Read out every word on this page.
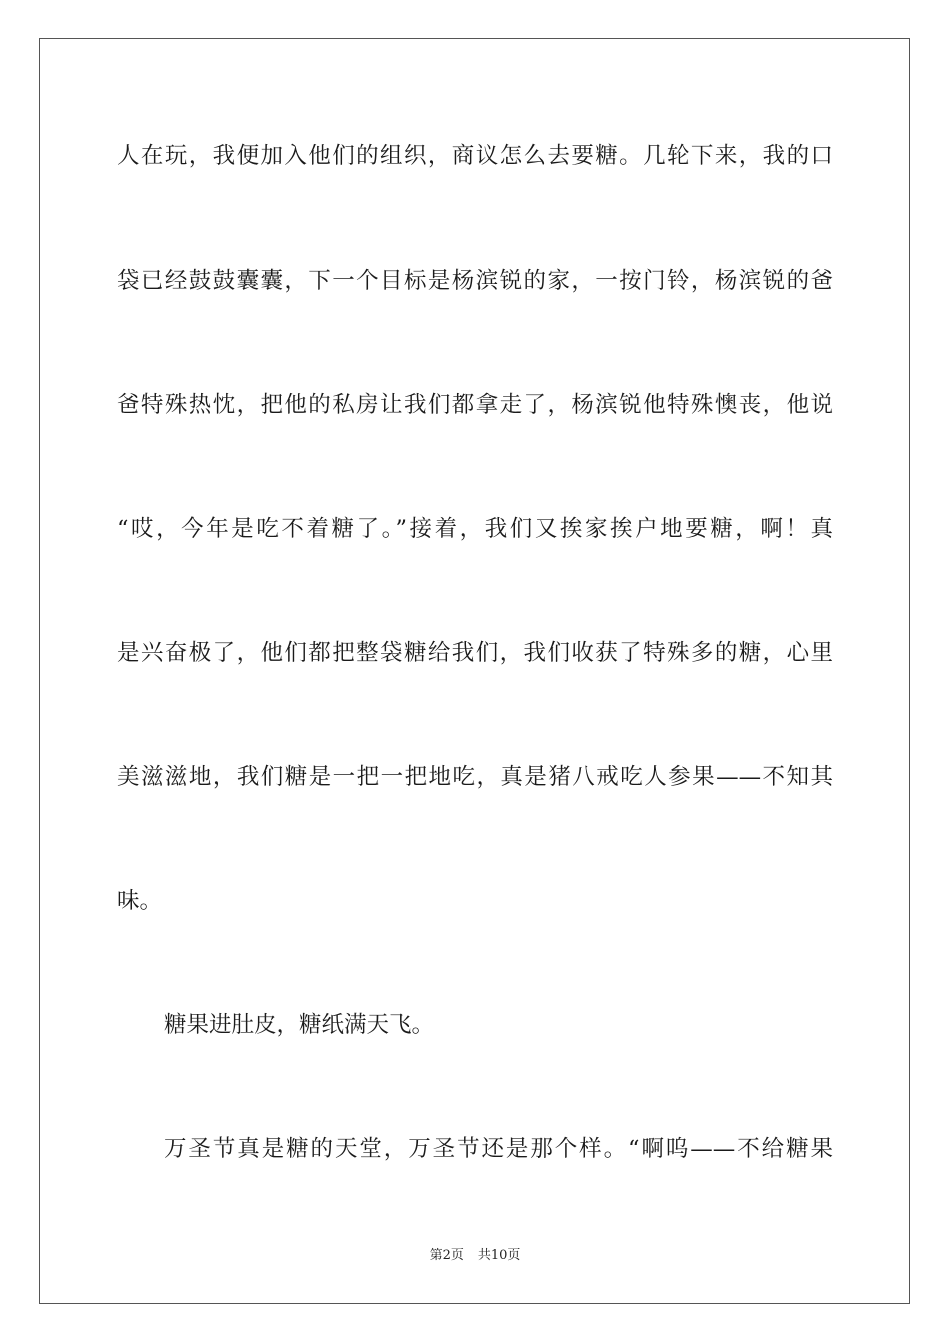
人在玩，我便加入他们的组织，商议怎么去要糖。几轮下来，我的口
袋已经鼓鼓囊囊，下一个目标是杨滨锐的家，一按门铃，杨滨锐的爸
爸特殊热忱，把他的私房让我们都拿走了，杨滨锐他特殊懊丧，他说
“哎，今年是吃不着糖了。”接着，我们又挨家挨户地要糖，啊！真
是兴奋极了，他们都把整袋糖给我们，我们收获了特殊多的糖，心里
美滋滋地，我们糖是一把一把地吃，真是猪八戒吃人参果——不知其
味。
糖果进肚皮，糖纸满天飞。
万圣节真是糖的天堂，万圣节还是那个样。“啊呜——不给糖果
第2页 共10页
